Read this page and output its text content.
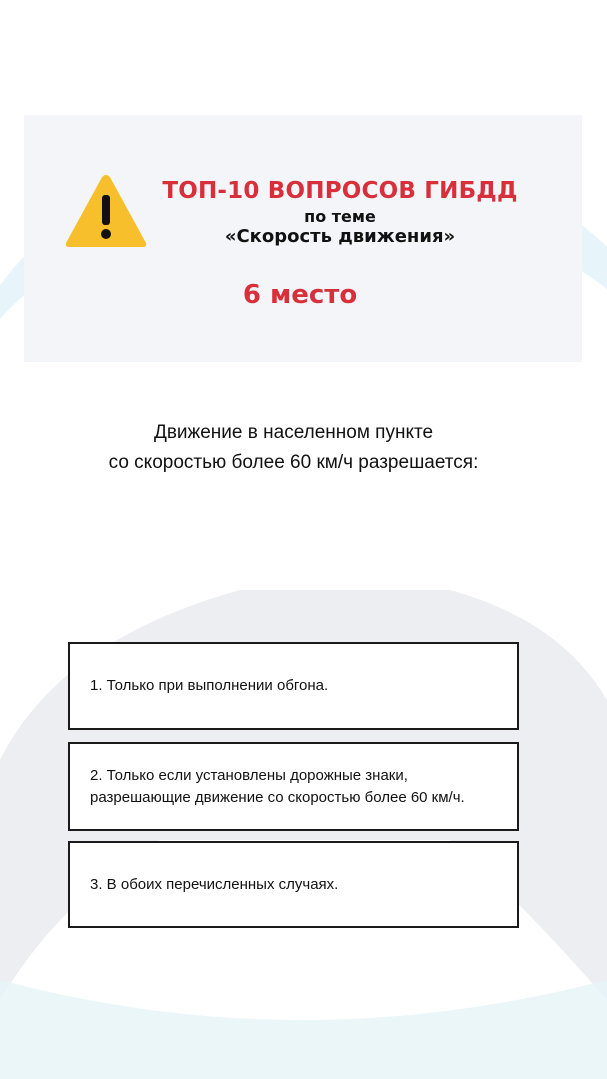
ТОП-10 ВОПРОСОВ ГИБДД
по теме
«Скорость движения»
6 место
Движение в населенном пункте
со скоростью более 60 км/ч разрешается:
1. Только при выполнении обгона.
2. Только если установлены дорожные знаки,
разрешающие движение со скоростью более 60 км/ч.
3. В обоих перечисленных случаях.
